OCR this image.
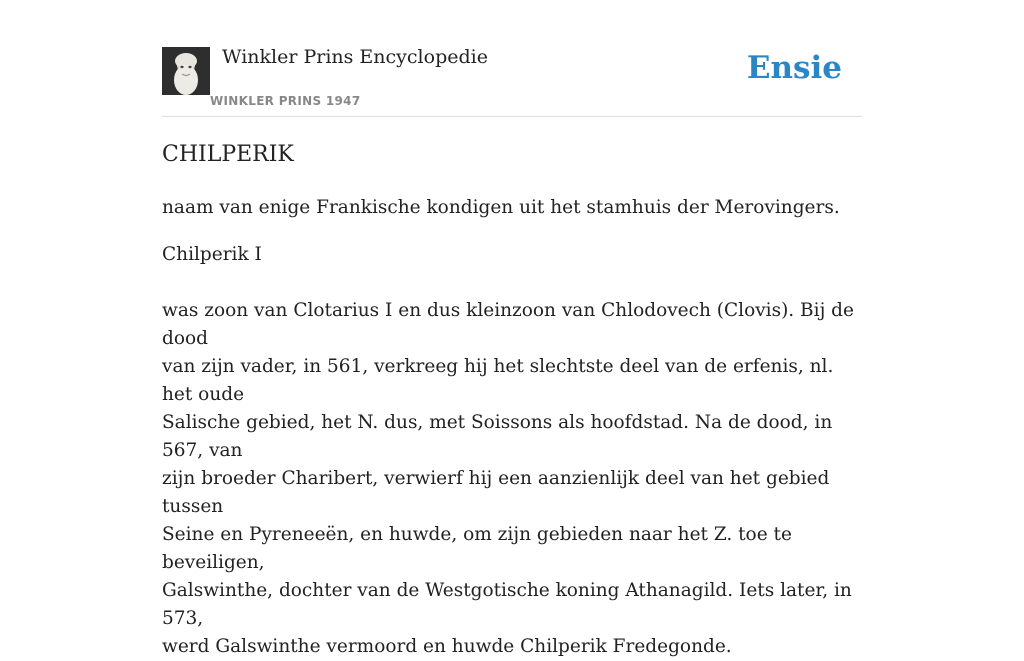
Winkler Prins Encyclopedie
WINKLER PRINS 1947
Ensie
CHILPERIK

naam van enige Frankische kondigen uit het stamhuis der Merovingers.

Chilperik I

was zoon van Clotarius I en dus kleinzoon van Chlodovech (Clovis). Bij de dood
van zijn vader, in 561, verkreeg hij het slechtste deel van de erfenis, nl. het oude
Salische gebied, het N. dus, met Soissons als hoofdstad. Na de dood, in 567, van
zijn broeder Charibert, verwierf hij een aanzienlijk deel van het gebied tussen
Seine en Pyreneeën, en huwde, om zijn gebieden naar het Z. toe te beveiligen,
Galswinthe, dochter van de Westgotische koning Athanagild. Iets later, in 573,
werd Galswinthe vermoord en huwde Chilperik Fredegonde.
